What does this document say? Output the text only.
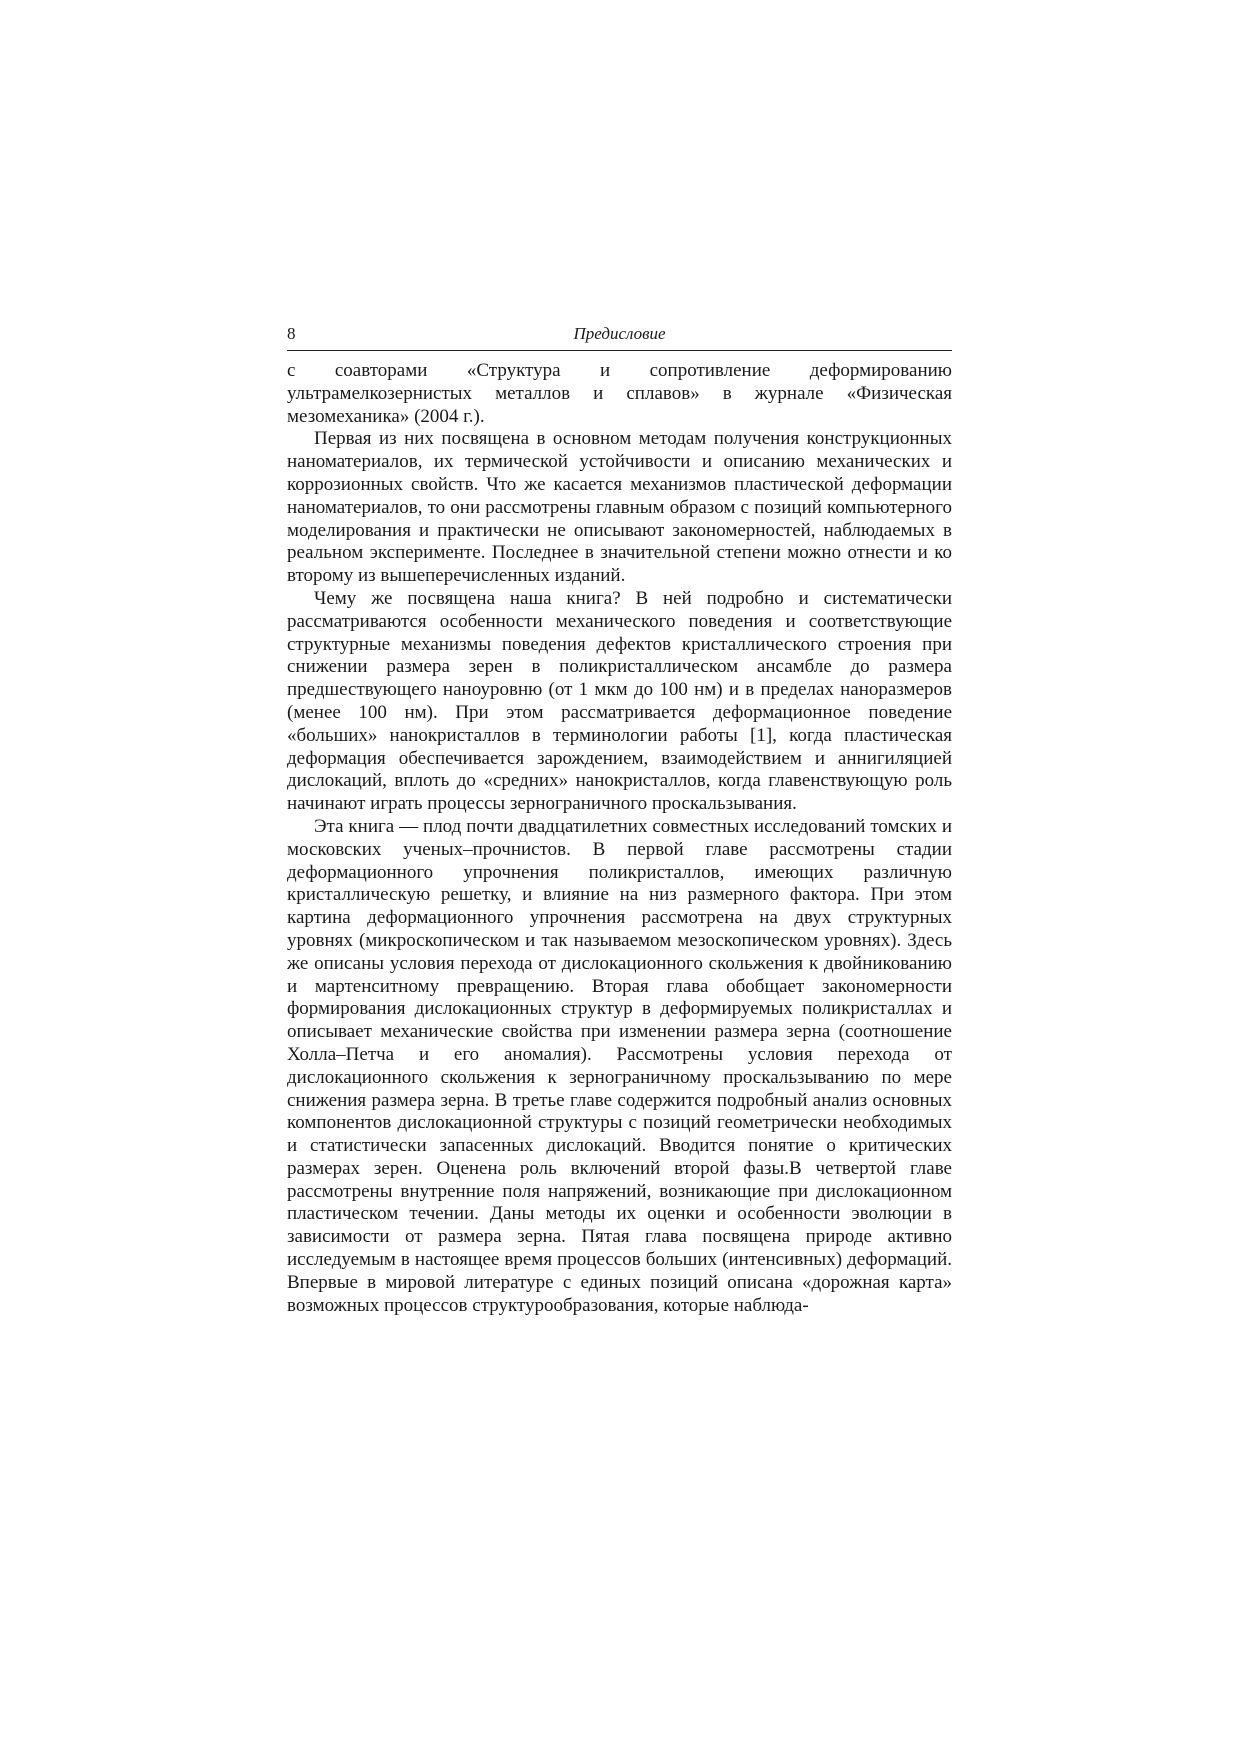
8	Предисловие

с соавторами «Структура и сопротивление деформированию ультрамелкозернистых металлов и сплавов» в журнале «Физическая мезомеханика» (2004 г.).

Первая из них посвящена в основном методам получения конструкционных наноматериалов, их термической устойчивости и описанию механических и коррозионных свойств. Что же касается механизмов пластической деформации наноматериалов, то они рассмотрены главным образом с позиций компьютерного моделирования и практически не описывают закономерностей, наблюдаемых в реальном эксперименте. Последнее в значительной степени можно отнести и ко второму из вышеперечисленных изданий.

Чему же посвящена наша книга? В ней подробно и систематически рассматриваются особенности механического поведения и соответствующие структурные механизмы поведения дефектов кристаллического строения при снижении размера зерен в поликристаллическом ансамбле до размера предшествующего наноуровню (от 1 мкм до 100 нм) и в пределах наноразмеров (менее 100 нм). При этом рассматривается деформационное поведение «больших» нанокристаллов в терминологии работы [1], когда пластическая деформация обеспечивается зарождением, взаимодействием и аннигиляцией дислокаций, вплоть до «средних» нанокристаллов, когда главенствующую роль начинают играть процессы зернограничного проскальзывания.

Эта книга — плод почти двадцатилетних совместных исследований томских и московских ученых–прочнистов. В первой главе рассмотрены стадии деформационного упрочнения поликристаллов, имеющих различную кристаллическую решетку, и влияние на низ размерного фактора. При этом картина деформационного упрочнения рассмотрена на двух структурных уровнях (микроскопическом и так называемом мезоскопическом уровнях). Здесь же описаны условия перехода от дислокационного скольжения к двойникованию и мартенситному превращению. Вторая глава обобщает закономерности формирования дислокационных структур в деформируемых поликристаллах и описывает механические свойства при изменении размера зерна (соотношение Холла–Петча и его аномалия). Рассмотрены условия перехода от дислокационного скольжения к зернограничному проскальзыванию по мере снижения размера зерна. В третье главе содержится подробный анализ основных компонентов дислокационной структуры с позиций геометрически необходимых и статистически запасенных дислокаций. Вводится понятие о критических размерах зерен. Оценена роль включений второй фазы.В четвертой главе рассмотрены внутренние поля напряжений, возникающие при дислокационном пластическом течении. Даны методы их оценки и особенности эволюции в зависимости от размера зерна. Пятая глава посвящена природе активно исследуемым в настоящее время процессов больших (интенсивных) деформаций. Впервые в мировой литературе с единых позиций описана «дорожная карта» возможных процессов структурообразования, которые наблюда-
